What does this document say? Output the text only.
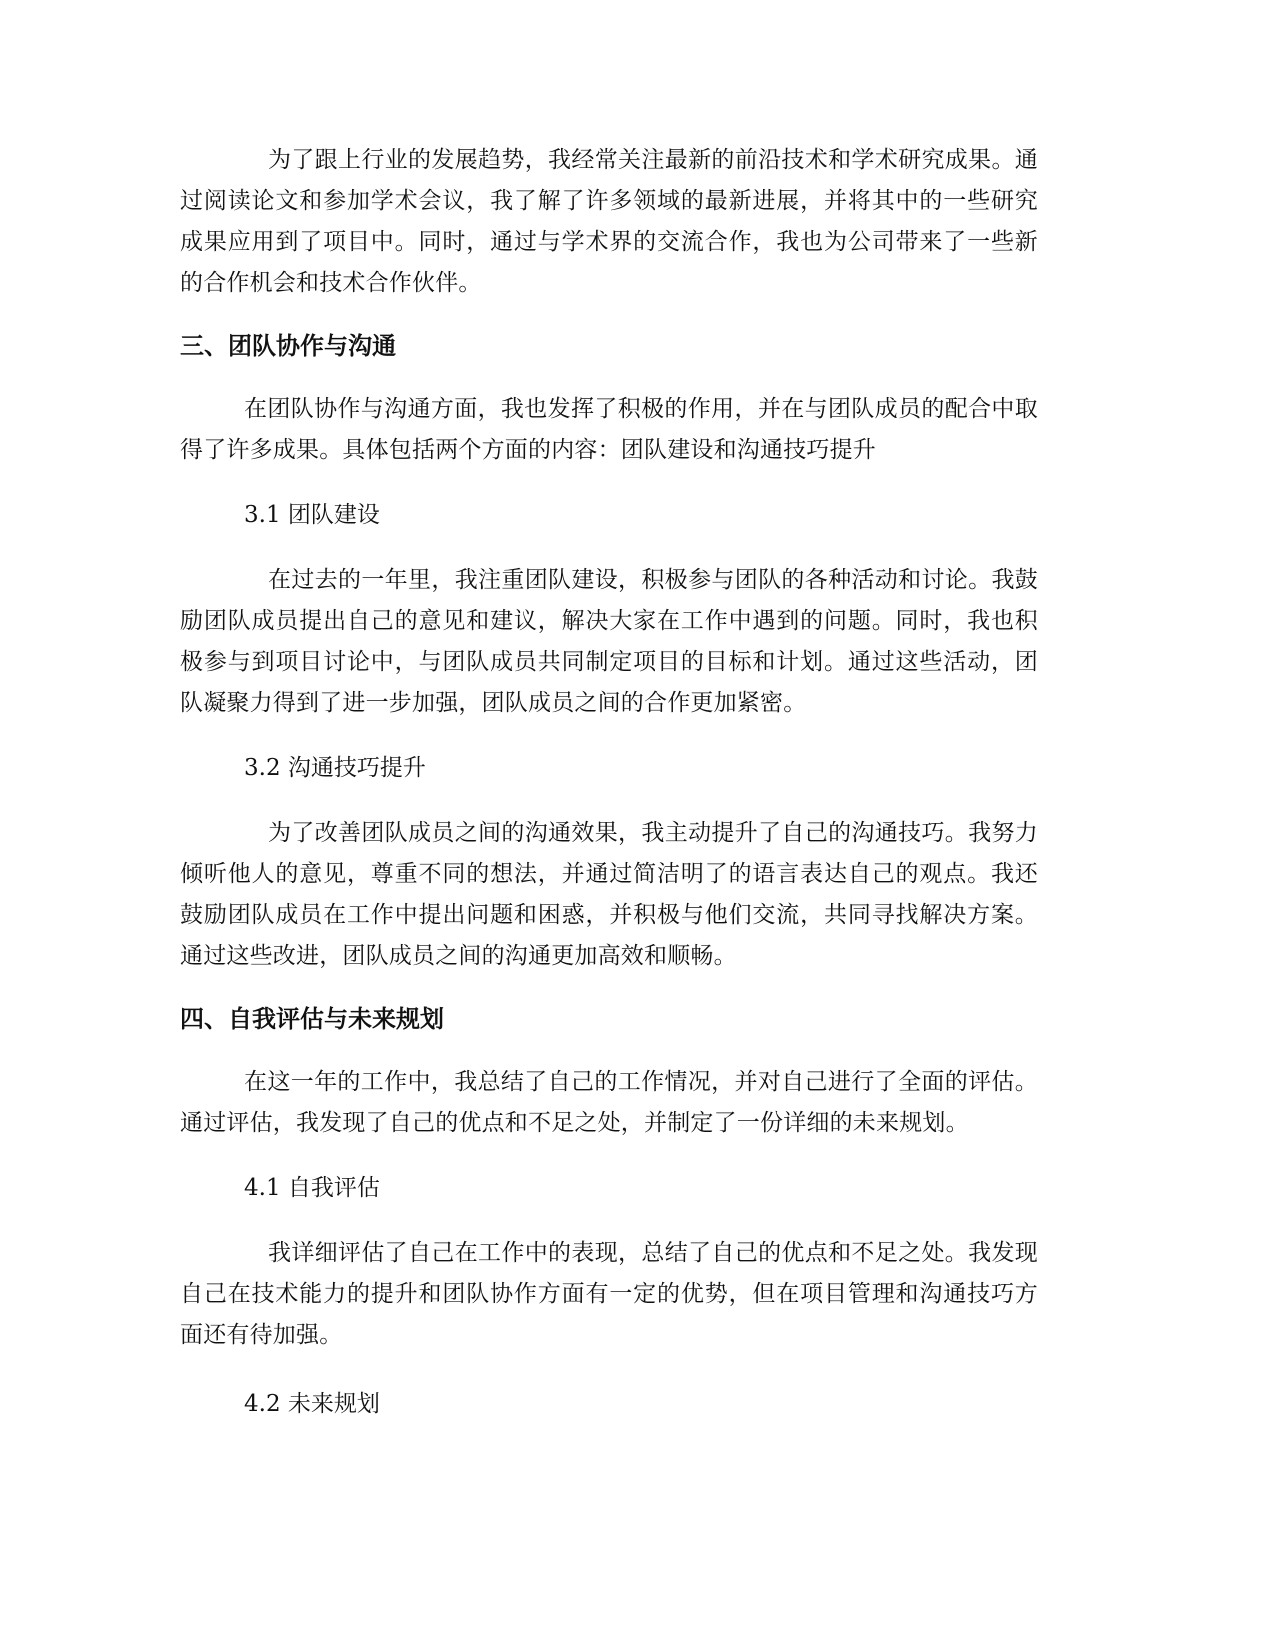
为了跟上行业的发展趋势，我经常关注最新的前沿技术和学术研究成果。通过阅读论文和参加学术会议，我了解了许多领域的最新进展，并将其中的一些研究成果应用到了项目中。同时，通过与学术界的交流合作，我也为公司带来了一些新的合作机会和技术合作伙伴。

三、团队协作与沟通

在团队协作与沟通方面，我也发挥了积极的作用，并在与团队成员的配合中取得了许多成果。具体包括两个方面的内容：团队建设和沟通技巧提升

3.1 团队建设

在过去的一年里，我注重团队建设，积极参与团队的各种活动和讨论。我鼓励团队成员提出自己的意见和建议，解决大家在工作中遇到的问题。同时，我也积极参与到项目讨论中，与团队成员共同制定项目的目标和计划。通过这些活动，团队凝聚力得到了进一步加强，团队成员之间的合作更加紧密。

3.2 沟通技巧提升

为了改善团队成员之间的沟通效果，我主动提升了自己的沟通技巧。我努力倾听他人的意见，尊重不同的想法，并通过简洁明了的语言表达自己的观点。我还鼓励团队成员在工作中提出问题和困惑，并积极与他们交流，共同寻找解决方案。通过这些改进，团队成员之间的沟通更加高效和顺畅。

四、自我评估与未来规划

在这一年的工作中，我总结了自己的工作情况，并对自己进行了全面的评估。通过评估，我发现了自己的优点和不足之处，并制定了一份详细的未来规划。

4.1 自我评估

我详细评估了自己在工作中的表现，总结了自己的优点和不足之处。我发现自己在技术能力的提升和团队协作方面有一定的优势，但在项目管理和沟通技巧方面还有待加强。

4.2 未来规划
